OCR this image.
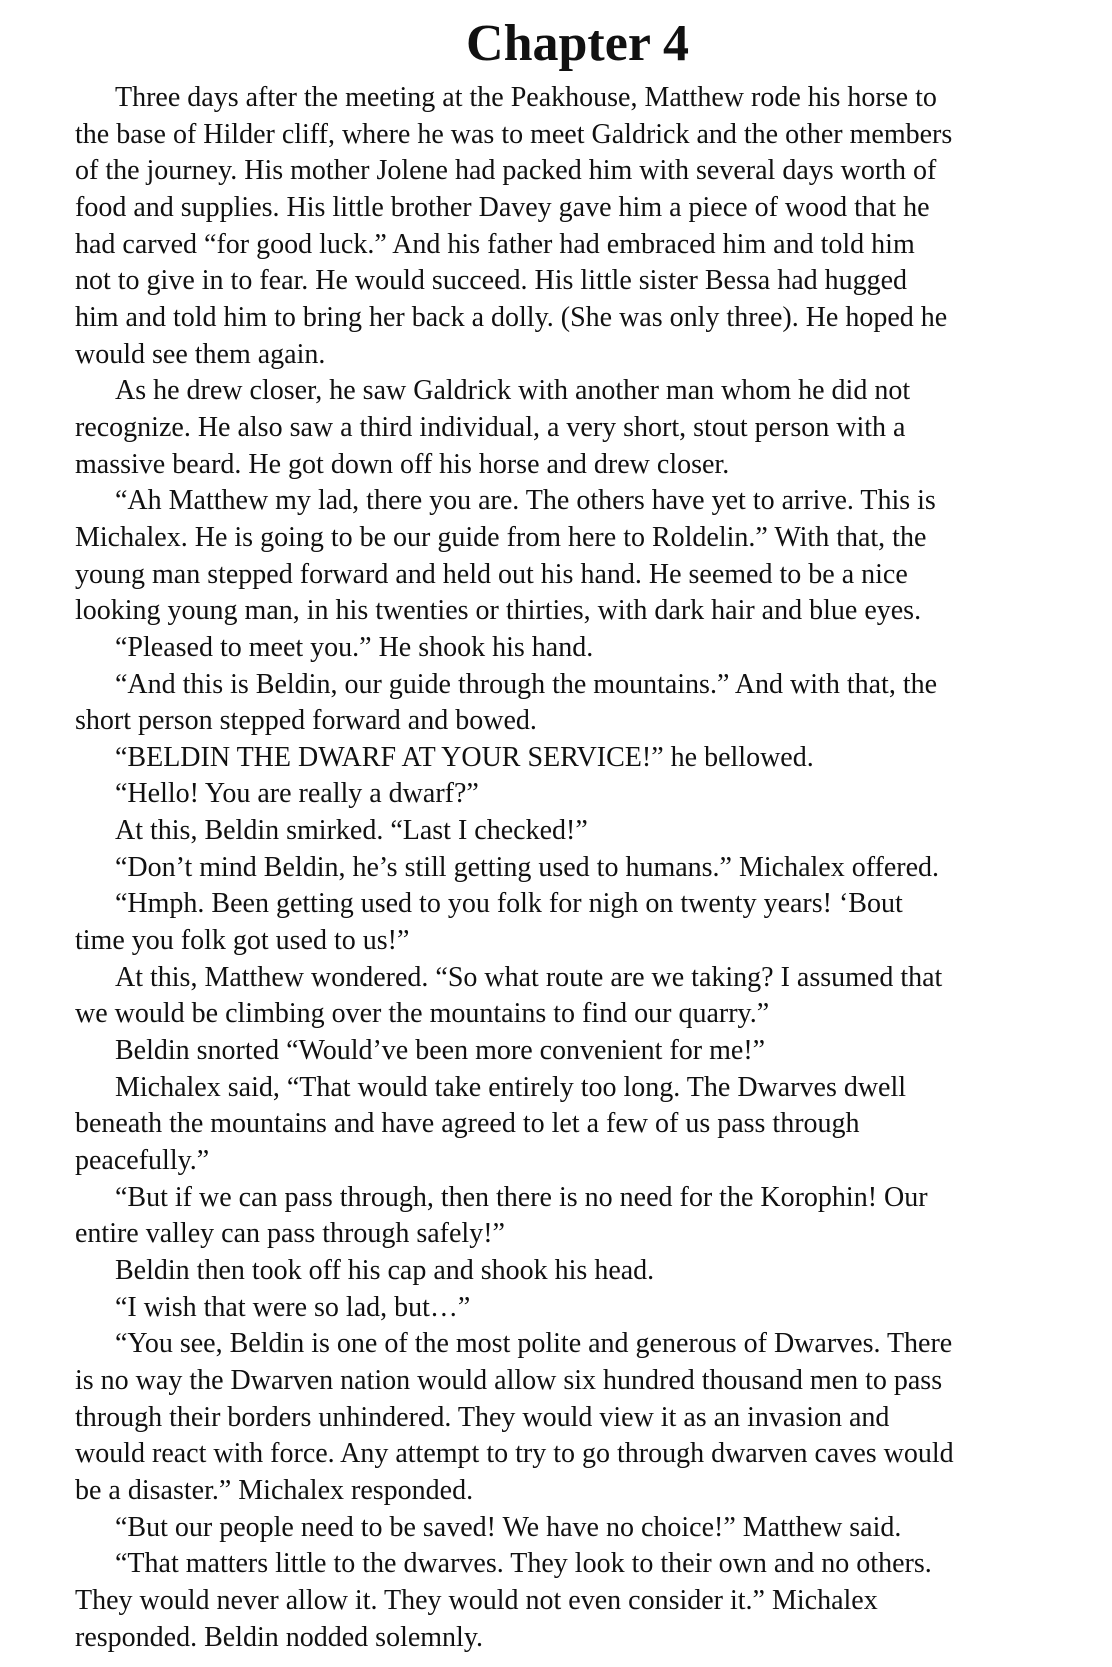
Chapter 4
Three days after the meeting at the Peakhouse, Matthew rode his horse to
the base of Hilder cliff, where he was to meet Galdrick and the other members
of the journey. His mother Jolene had packed him with several days worth of
food and supplies. His little brother Davey gave him a piece of wood that he
had carved “for good luck.” And his father had embraced him and told him
not to give in to fear. He would succeed. His little sister Bessa had hugged
him and told him to bring her back a dolly. (She was only three). He hoped he
would see them again.
As he drew closer, he saw Galdrick with another man whom he did not
recognize. He also saw a third individual, a very short, stout person with a
massive beard. He got down off his horse and drew closer.
“Ah Matthew my lad, there you are. The others have yet to arrive. This is
Michalex. He is going to be our guide from here to Roldelin.” With that, the
young man stepped forward and held out his hand. He seemed to be a nice
looking young man, in his twenties or thirties, with dark hair and blue eyes.
“Pleased to meet you.” He shook his hand.
“And this is Beldin, our guide through the mountains.” And with that, the
short person stepped forward and bowed.
“BELDIN THE DWARF AT YOUR SERVICE!” he bellowed.
“Hello! You are really a dwarf?”
At this, Beldin smirked. “Last I checked!”
“Don’t mind Beldin, he’s still getting used to humans.” Michalex offered.
“Hmph. Been getting used to you folk for nigh on twenty years! ‘Bout
time you folk got used to us!”
At this, Matthew wondered. “So what route are we taking? I assumed that
we would be climbing over the mountains to find our quarry.”
Beldin snorted “Would’ve been more convenient for me!”
Michalex said, “That would take entirely too long. The Dwarves dwell
beneath the mountains and have agreed to let a few of us pass through
peacefully.”
“But if we can pass through, then there is no need for the Korophin! Our
entire valley can pass through safely!”
Beldin then took off his cap and shook his head.
“I wish that were so lad, but…”
“You see, Beldin is one of the most polite and generous of Dwarves. There
is no way the Dwarven nation would allow six hundred thousand men to pass
through their borders unhindered. They would view it as an invasion and
would react with force. Any attempt to try to go through dwarven caves would
be a disaster.” Michalex responded.
“But our people need to be saved! We have no choice!” Matthew said.
“That matters little to the dwarves. They look to their own and no others.
They would never allow it. They would not even consider it.” Michalex
responded. Beldin nodded solemnly.
